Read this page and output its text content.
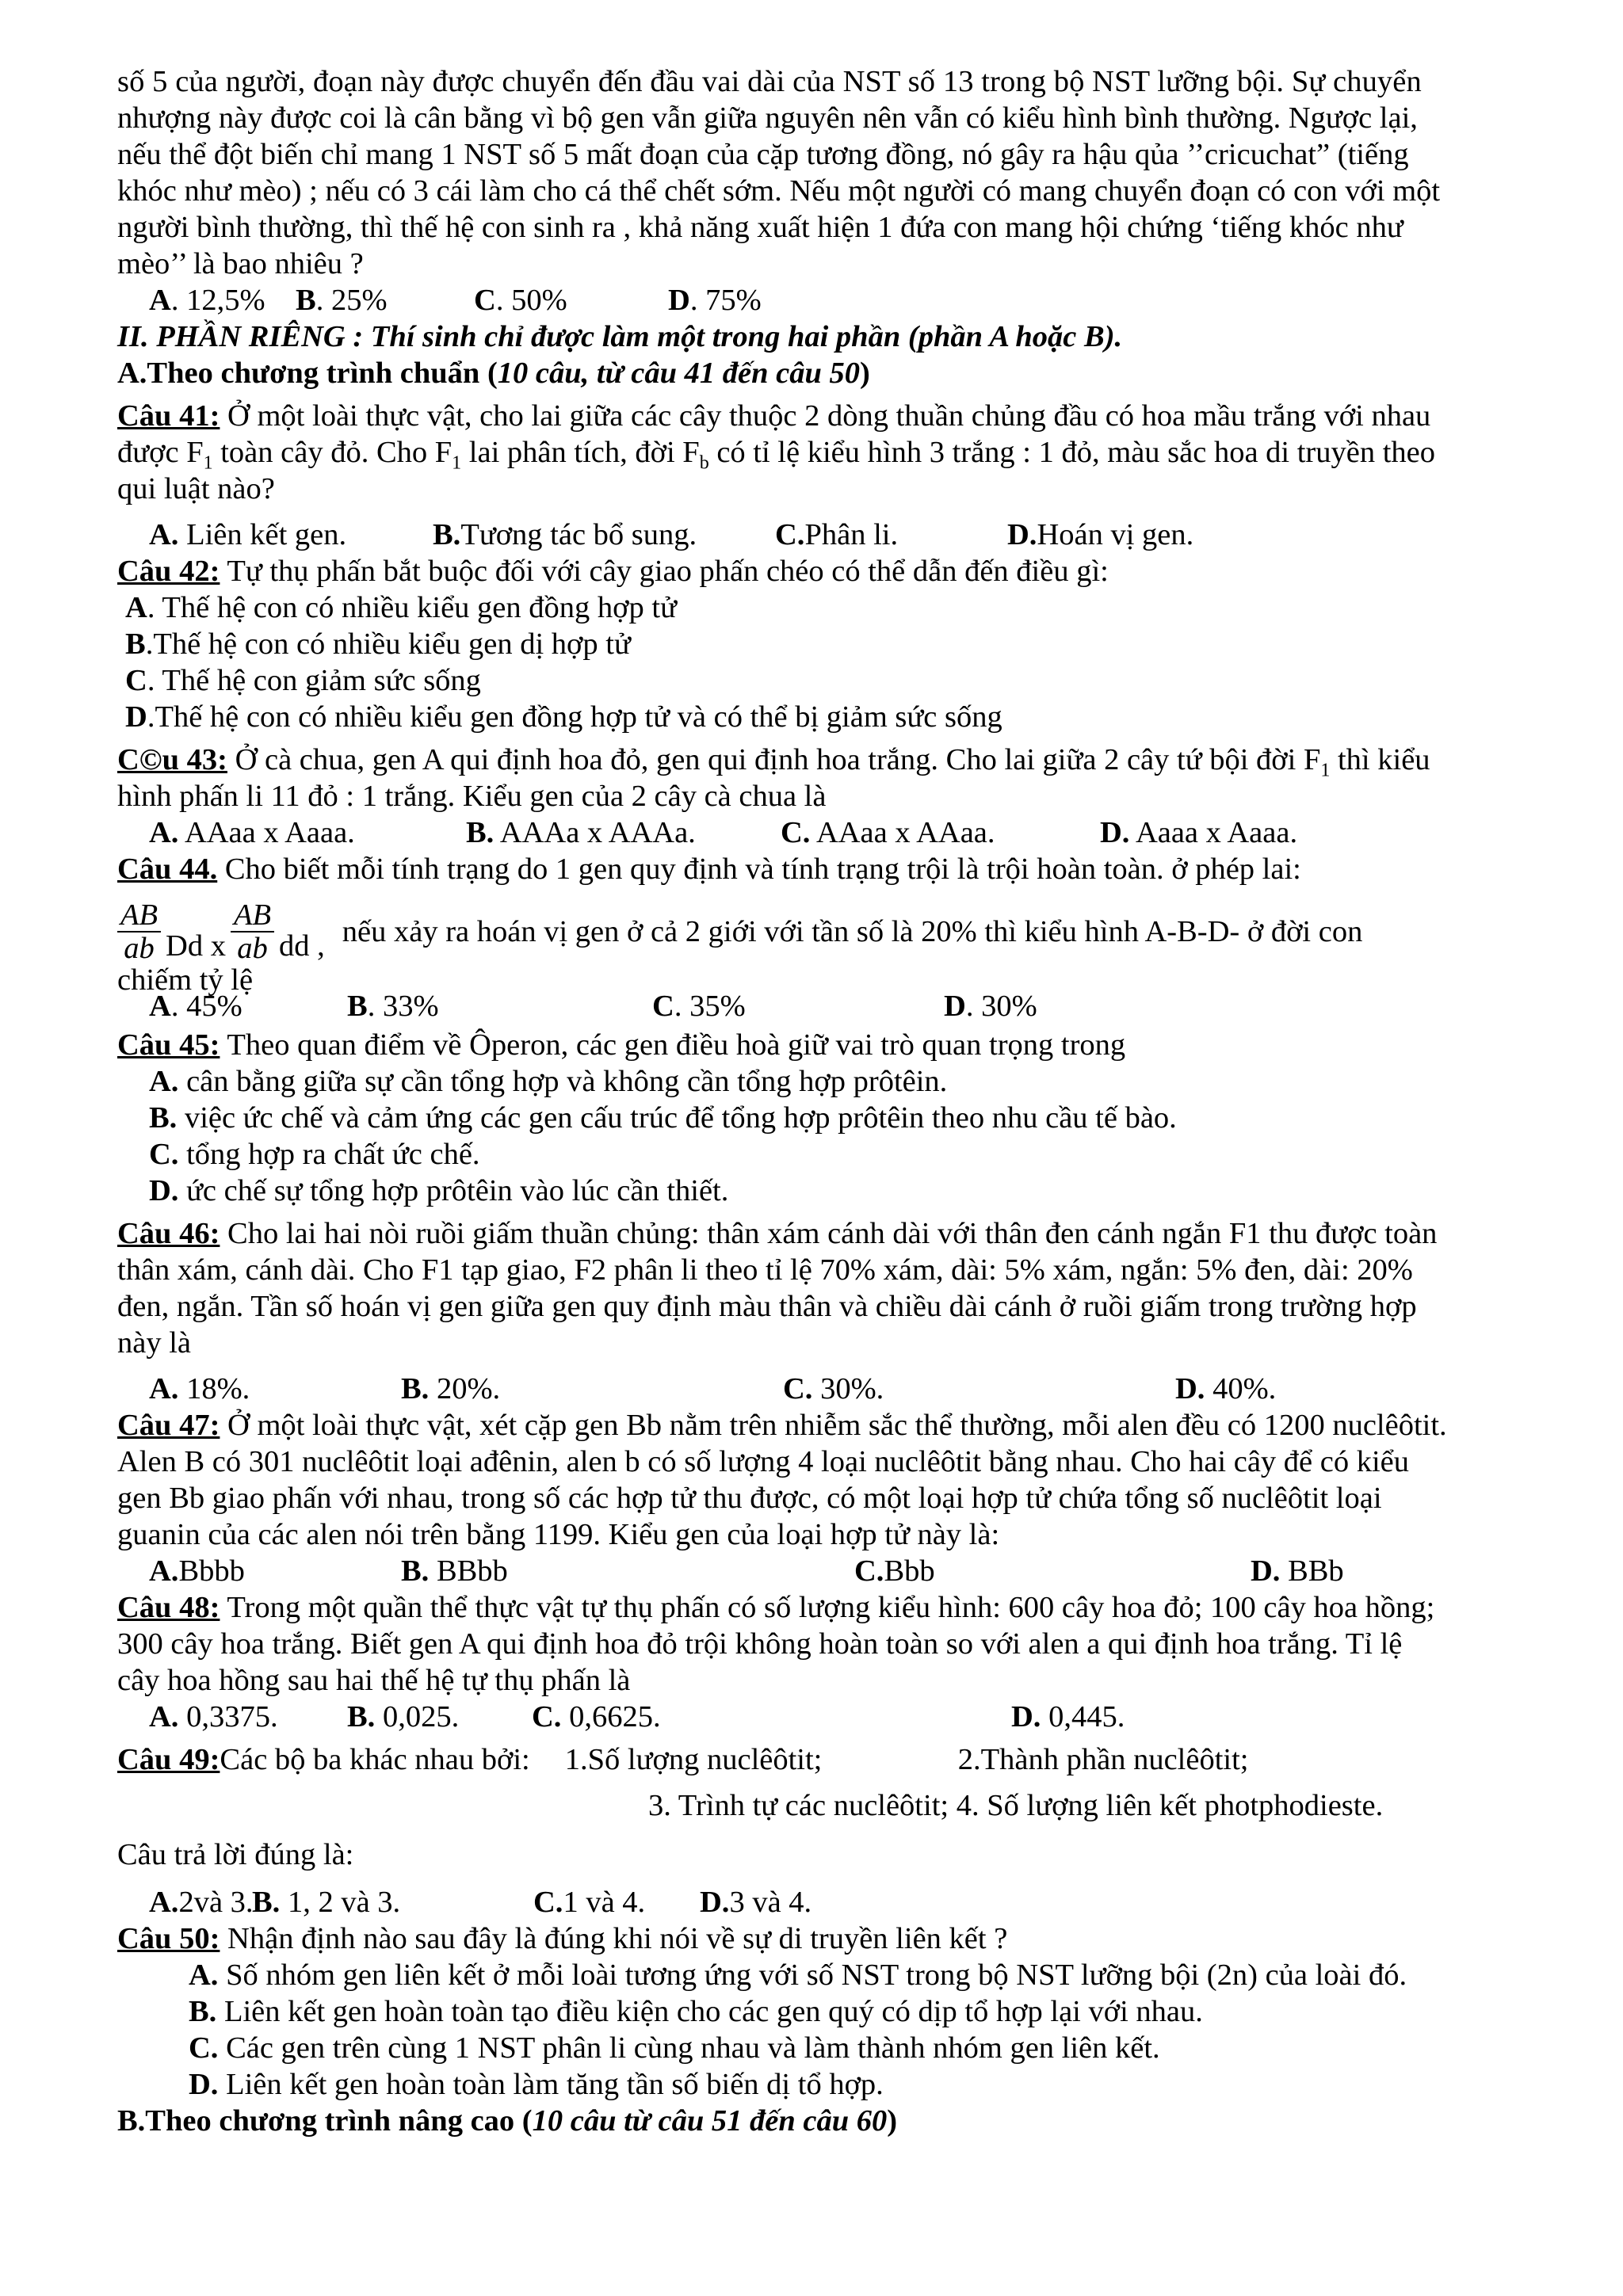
số 5 của người, đoạn này được chuyển đến đầu vai dài của NST số 13 trong bộ NST lưỡng bội. Sự chuyển

nhượng này được coi là cân bằng vì bộ gen vẫn giữa nguyên nên vẫn có kiểu hình bình thường. Ngược lại,

nếu thể đột biến chỉ mang 1 NST số 5 mất đoạn của cặp tương đồng, nó gây ra hậu qủa ’’cricuchat” (tiếng

khóc như mèo) ; nếu có 3 cái làm cho cá thể chết sớm. Nếu một người có mang chuyển đoạn có con với một

người bình thường, thì thế hệ con sinh ra , khả năng xuất hiện 1 đứa con mang hội chứng ‘tiếng khóc như

mèo’’ là bao nhiêu ?

A. 12,5% B. 25%	C. 50%	D. 75%

II. PHẦN RIÊNG : Thí sinh chỉ được làm một trong hai phần (phần A hoặc B).

A.Theo chương trình chuẩn (10 câu, từ câu 41 đến câu 50)

Câu 41: Ở một loài thực vật, cho lai giữa các cây thuộc 2 dòng thuần chủng đầu có hoa mầu trắng với nhau

được $F_1$ toàn cây đỏ. Cho $F_1$ lai phân tích, đời $F_b$ có tỉ lệ kiểu hình 3 trắng : 1 đỏ, màu sắc hoa di truyền theo

qui luật nào?

A. Liên kết gen.	B.Tương tác bổ sung.	C.Phân li.	D.Hoán vị gen.

Câu 42: Tự thụ phấn bắt buộc đối với cây giao phấn chéo có thể dẫn đến điều gì:

A. Thế hệ con có nhiều kiểu gen đồng hợp tử

B.Thế hệ con có nhiều kiểu gen dị hợp tử

C. Thế hệ con giảm sức sống

D.Thế hệ con có nhiều kiểu gen đồng hợp tử và có thể bị giảm sức sống

C©u 43: Ở cà chua, gen A qui định hoa đỏ, gen qui định hoa trắng. Cho lai giữa 2 cây tứ bội đời $F_1$ thì kiểu

hình phấn li 11 đỏ : 1 trắng. Kiểu gen của 2 cây cà chua là

A. AAaa x Aaaa.	B. AAAa x AAAa.	C. AAaa x AAaa.	D. Aaaa x Aaaa.

Câu 44. Cho biết mỗi tính trạng do 1 gen quy định và tính trạng trội là trội hoàn toàn. ở phép lai:

$\frac{AB}{ab}$ Dd x $\frac{AB}{ab}$ dd , nếu xảy ra hoán vị gen ở cả 2 giới với tần số là 20% thì kiểu hình A-B-D- ở đời con

chiếm tỷ lệ

A. 45%	B. 33%	C. 35%	D. 30%

Câu 45: Theo quan điểm về Ôperon, các gen điều hoà giữ vai trò quan trọng trong

A. cân bằng giữa sự cần tổng hợp và không cần tổng hợp prôtêin.

B. việc ức chế và cảm ứng các gen cấu trúc để tổng hợp prôtêin theo nhu cầu tế bào.

C. tổng hợp ra chất ức chế.

D. ức chế sự tổng hợp prôtêin vào lúc cần thiết.

Câu 46: Cho lai hai nòi ruồi giấm thuần chủng: thân xám cánh dài với thân đen cánh ngắn F1 thu được toàn

thân xám, cánh dài. Cho F1 tạp giao, F2 phân li theo tỉ lệ 70% xám, dài: 5% xám, ngắn: 5% đen, dài: 20%

đen, ngắn. Tần số hoán vị gen giữa gen quy định màu thân và chiều dài cánh ở ruồi giấm trong trường hợp

này là

A. 18%.	B. 20%.	C. 30%.	D. 40%.

Câu 47: Ở một loài thực vật, xét cặp gen Bb nằm trên nhiễm sắc thể thường, mỗi alen đều có 1200 nuclêôtit.

Alen B có 301 nuclêôtit loại ađênin, alen b có số lượng 4 loại nuclêôtit bằng nhau. Cho hai cây để có kiểu

gen Bb giao phấn với nhau, trong số các hợp tử thu được, có một loại hợp tử chứa tổng số nuclêôtit loại

guanin của các alen nói trên bằng 1199. Kiểu gen của loại hợp tử này là:

A.Bbbb	B. BBbb	C.Bbb	D. BBb

Câu 48: Trong một quần thể thực vật tự thụ phấn có số lượng kiểu hình: 600 cây hoa đỏ; 100 cây hoa hồng;

300 cây hoa trắng. Biết gen A qui định hoa đỏ trội không hoàn toàn so với alen a qui định hoa trắng. Tỉ lệ

cây hoa hồng sau hai thế hệ tự thụ phấn là

A. 0,3375.	B. 0,025.	C. 0,6625.	D. 0,445.

Câu 49:Các bộ ba khác nhau bởi: 1.Số lượng nuclêôtit;	2.Thành phần nuclêôtit;

3. Trình tự các nuclêôtit; 4. Số lượng liên kết photphodieste.

Câu trả lời đúng là:

A.2và 3.
B. 1, 2 và 3.	C.1 và 4.	D.3 và 4.

Câu 50: Nhận định nào sau đây là đúng khi nói về sự di truyền liên kết ?

A. Số nhóm gen liên kết ở mỗi loài tương ứng với số NST trong bộ NST lưỡng bội (2n) của loài đó.

B. Liên kết gen hoàn toàn tạo điều kiện cho các gen quý có dịp tổ hợp lại với nhau.

C. Các gen trên cùng 1 NST phân li cùng nhau và làm thành nhóm gen liên kết.

D. Liên kết gen hoàn toàn làm tăng tần số biến dị tổ hợp.

B.Theo chương trình nâng cao (10 câu từ câu 51 đến câu 60)
